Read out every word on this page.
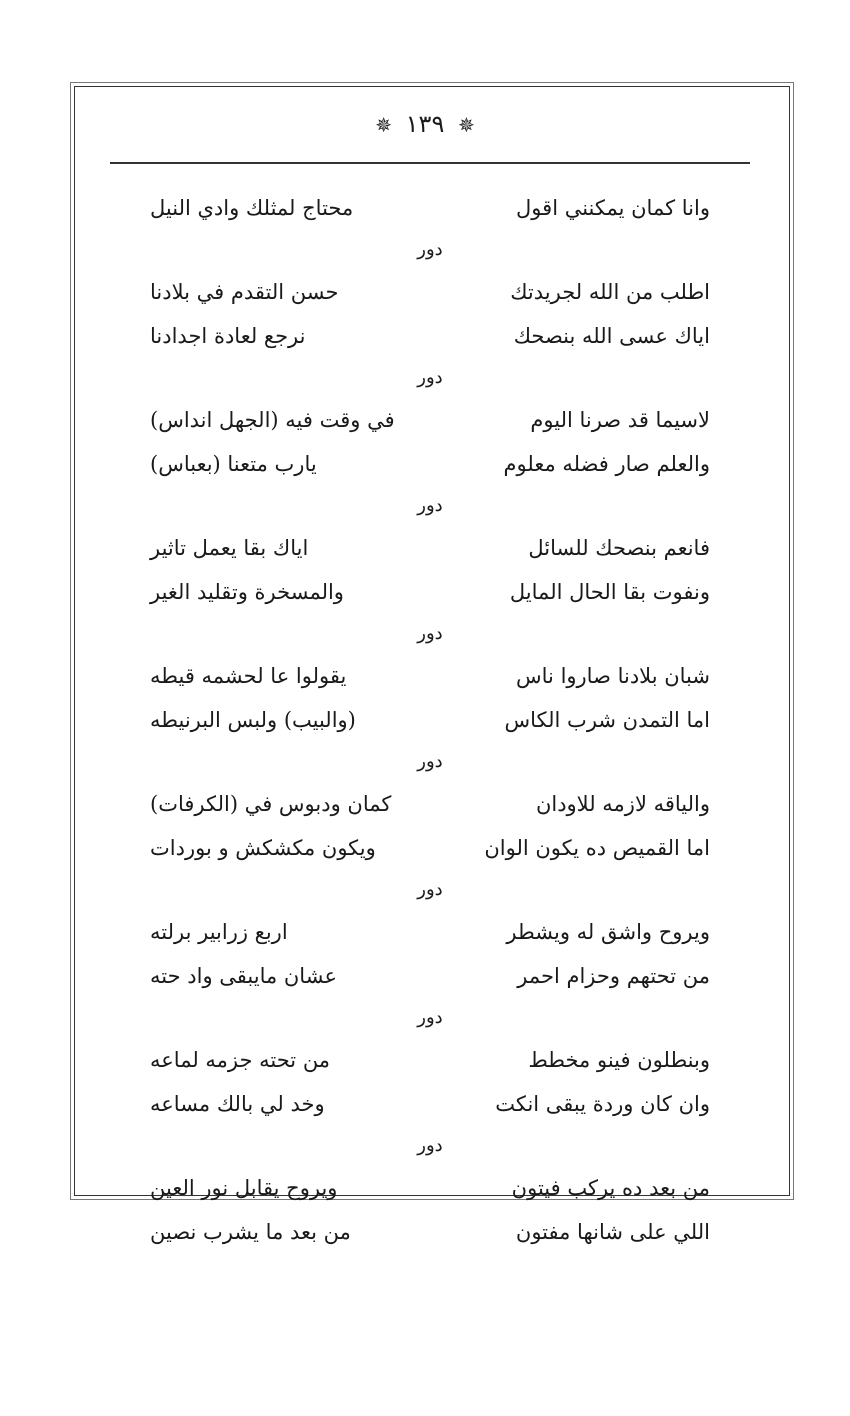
✵ ١٣٩ ✵
وانا كمان يمكنني اقول
محتاج لمثلك وادي النيل
دور
اطلب من الله لجريدتك
حسن التقدم في بلادنا
اياك عسى الله بنصحك
نرجع لعادة اجدادنا
دور
لاسيما قد صرنا اليوم
في وقت فيه (الجهل انداس)
والعلم صار فضله معلوم
يارب متعنا (بعباس)
دور
فانعم بنصحك للسائل
اياك بقا يعمل تاثير
ونفوت بقا الحال المايل
والمسخرة وتقليد الغير
دور
شبان بلادنا صاروا ناس
يقولوا عا لحشمه قيطه
اما التمدن شرب الكاس
(والبيب) ولبس البرنيطه
دور
والياقه لازمه للاودان
كمان ودبوس في (الكرفات)
اما القميص ده يكون الوان
ويكون مكشكش و بوردات
دور
ويروح واشق له ويشطر
اربع زرابير برلته
من تحتهم وحزام احمر
عشان مايبقى واد حته
دور
وبنطلون فينو مخطط
من تحته جزمه لماعه
وان كان وردة يبقى انكت
وخد لي بالك مساعه
دور
من بعد ده يركب فيتون
ويروح يقابل نور العين
اللي على شانها مفتون
من بعد ما يشرب نصين
